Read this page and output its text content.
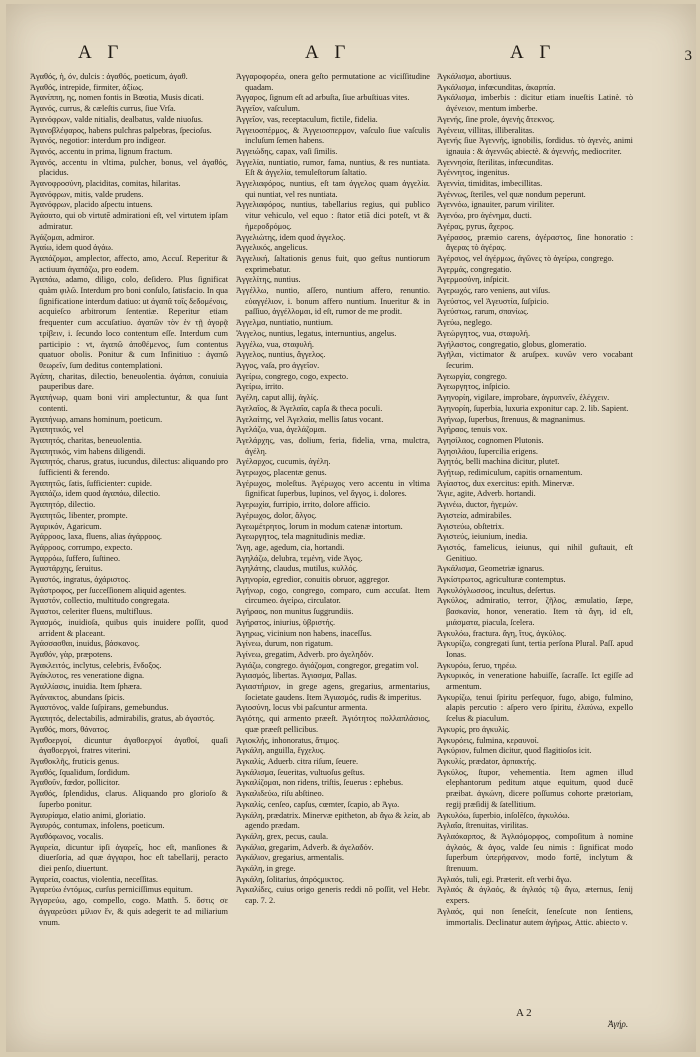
Α Γ	Α Γ	Α Γ	3

Ἀγαθός, ἡ, όν, dulcis : ἀγαθός, poeticum, ἀγαθ.

Ἀγαθός, intrepide, firmiter, ἀξίως.

Ἀγανίππη, ης, nomen fontis in Bœotia, Musis dicati.

Ἀγανός, currus, & cæleſtis currus, ſiue Vrſa.

Ἀγανόφρων, valde nitialis, dealbatus, valde niuoſus.

Ἀγανοβλέφαρος, habens pulchras palpebras, ſpecioſus.

Ἀγανός, negotior: interdum pro indigeor.

Ἀγανός, accentu in prima, lignum fractum.

Ἀγανός, accentu in vltima, pulcher, bonus, vel ἀγαθός, placidus.

Ἀγανοφροσύνη, placiditas, comitas, hilaritas.

Ἀγανόφρων, mitis, valde prudens.

Ἀγανόφρων, placido aſpectu intuens.

Ἀγάσατο, qui ob virtutē admirationi eſt, vel virtutem ipſam admiratur.

Ἀγάζομαι, admiror.

Ἀγαίω, idem quod ἀγάω.

Ἀγαπάζομαι, amplector, affecto, amo, Accuſ. Reperitur & actiuum ἀγαπάζω, pro eodem.

Ἀγαπάω, adamo, diligo, colo, deſidero. Plus ſignificat quàm φιλῶ. Interdum pro boni conſulo, ſatisfacio. In qua ſignificatione interdum datiuo: ut ἀγαπᾶ τοῖς δεδομένοις, acquieſco arbitrorum ſententiæ. Reperitur etiam frequenter cum accuſatiuo. ἀγαπῶν τὸν ἐν τῇ ἀγορᾷ τρίβειν, i. ſecundo loco contentum eſſe. Interdum cum participio : vt, ἀγαπῶ ἀποθέμενος, ſum contentus quatuor obolis. Ponitur & cum Infinitiuo : ἀγαπῶ θεωρεῖν, ſum deditus contemplationi.

Ἀγάπη, charitas, dilectio, beneuolentia. ἀγάπαι, conuiuia pauperibus dare.

Ἀγαπήνωρ, quam boni viri amplectuntur, & qua ſunt contenti.

Ἀγαπήνωρ, amans hominum, poeticum.

Ἀγαπητικός, vel

Ἀγαπητός, charitas, beneuolentia.

Ἀγαπητικός, vim habens diligendi.

Ἀγαπητός, charus, gratus, iucundus, dilectus: aliquando pro ſufficienti & ferendo.

Ἀγαπητῶς, ſatis, ſufficienter: cupide.

Ἀγαπάζω, idem quod ἀγαπάω, dilectio.

Ἀγαπητόρ, dilectio.

Ἀγαπητῶς, libenter, prompte.

Ἀγαρικόν, Agaricum.

Ἀγάρροος, laxa, fluens, alias ἀγάρροος.

Ἀγάρροος, corrumpo, expecto.

Ἀγαρρόω, ſuffero, ſuſtineo.

Ἀγαστάρχης, ſeruitus.

Ἀγαστός, ingratus, ἀχάριστος.

Ἀγάστροφος, per ſucceſſionem aliquid agentes.

Ἀγαστόν, collectio, multitudo congregata.

Ἀγαστοι, celeriter fluens, multifluus.

Ἀγασμός, inuidioſa, quibus quis inuidere poſſit, quod arrident & placeant.

Ἀγάσσασθαι, inuidus, βάσκανος.

Ἀγαθόν, γὰρ, præpotens.

Ἀγακλειτός, inclytus, celebris, ἔνδοξος.

Ἀγάκλυτος, res veneratione digna.

Ἀγαλλίασις, inuidia. Item ſphæra.

Ἀγάνακτος, abundans ſpicis.

Ἀγαστόνος, valde ſuſpirans, gemebundus.

Ἀγαπητός, delectabilis, admirabilis, gratus, ab ἀγαστός.

Ἀγαθός, mors, θάνατος.

Ἀγαθοεργοί, dicuntur ἀγαθοεργοί ἀγαθοί, quaſi ἀγαθοεργοὶ, fratres viterini.

Ἀγαθοκλῆς, fruticis genus.

Ἀγαθός, ſqualidum, ſordidum.

Ἀγαθοῦν, fœdor, pollicitor.

Ἀγαθός, ſplendidus, clarus. Aliquando pro glorioſo & ſuperbo ponitur.

Ἀγαυρίαμα, elatio animi, gloriatio.

Ἀγαυρός, contumax, infolens, poeticum.

Ἀγαθόφωνος, vocalis.

Ἀγαρεία, dicuntur ipſi ἀγαρεῖς, hoc eſt, manſiones & diuerſoria, ad quæ ἀγγαροι, hoc eſt tabellarij, peracto diei penſo, diuertunt.

Ἀγαρεία, coactus, violentia, neceſſitas.

Ἀγαρεύω ἐντόμως, curſus perniciſſimus equitum.

Ἀγγαρεύω, ago, compello, cogo. Matth. 5. ὅστις σε ἀγγαρεύσει μίλιον ἕν, & quis adegerit te ad miliarium vnum.

Ἀγγαροφορέω, onera geſto permutatione ac viciſſitudine quadam.

Ἀγγαρος, ſignum eſt ad arbuſta, ſiue arbuſtiuas vites.

Ἀγγεῖον, vaſculum.

Ἀγγεῖον, vas, receptaculum, fictile, fidelia.

Ἀγγειοσπέρμος, & Ἀγγειοσπερμον, vaſculo ſiue vaſculis incluſum ſemen habens.

Ἀγγειώδης, capax, vaſi ſimilis.

Ἀγγελία, nuntiatio, rumor, fama, nuntius, & res nuntiata. Eſt & ἀγγελία, temuleſtorum ſaltatio.

Ἀγγελιαφόρος, nuntius, eſt tam ἀγγελος quam ἀγγελία. qui nuntiat, vel res nuntiata.

Ἀγγελιαφόρος, nuntius, tabellarius regius, qui publico vitur vehiculo, vel equo : ſtator etiā dici poteſt, vt & ἡμεροδρόμος.

Ἀγγελιώτης, idem quod ἀγγελος.

Ἀγγελικός, angelicus.

Ἀγγελική, ſaltationis genus fuit, quo geſtus nuntiorum exprimebatur.

Ἀγγελίτης, nuntius.

Ἀγγέλλω, nuntio, aſſero, nuntium affero, renuntio. εὐαγγέλιον, i. bonum affero nuntium. Inueritur & in paſſiuo, ἀγγέλλομαι, id eſt, rumor de me prodit.

Ἀγγελμα, nuntiatio, nuntium.

Ἄγγελος, nuntius, legatus, internuntius, angelus.

Ἀγγέλω, vua, σταφυλή.

Ἀγγελος, nuntius, ἄγγελος.

Ἀγγος, vaſa, pro ἀγγεῖον.

Ἀγείρω, congrego, cogo, expecto.

Ἀγείρω, irrito.

Ἀγέλη, caput allij, ἀγλίς.

Ἀγελαῖος, & Ἀγελαῖα, capſa & theca poculi.

Ἀγελαίτης, vel Ἀγελαία, mellis ſatus vocant.

Ἀγελάζω, vua, ἀγελάζομαι.

Ἀγελάρχης, vas, dolium, feria, fidelia, vrna, mulctra, ἀγέλη.

Ἀγέλαρχος, cucumis, ἀγέλη.

Ἀγερωχος, placentæ genus.

Ἀγέρωχος, moleſtus. Ἀγέρωχος vero accentu in vltima ſignificat ſuperbus, lupinos, vel ἄγγος, i. dolores.

Ἀγερωχία, furripio, irrito, dolore afficio.

Ἀγέρωχος, dolor, ἄλγος.

Ἀγεωμέτρητος, lorum in modum catenæ intortum.

Ἀγεωργητος, tela magnitudinis mediæ.

Ἄγη, age, agedum, cia, hortandi.

Ἀγηλάζω, delubra, τεμένη, vide Ἀγος.

Ἀγηλάτης, claudus, mutilus, κυλλός.

Ἀγηνορία, egredior, conuitis obruor, aggregor.

Ἀγήνωρ, cogo, congrego, comparo, cum accuſat. Item circumeo. ἀγείρω, circulator.

Ἀγήραος, non munitus ſuggrundiis.

Ἀγήρατος, iniurius, ὑβριστής.

Ἀγηρως, vicinium non habens, inaceſſus.

Ἀγίνεω, durum, non rigatum.

Ἀγίνεω, gregatim, Adverb. pro ἀγεληδόν.

Ἀγιάζω, congrego. ἀγιάζομαι, congregor, gregatim vol.

Ἀγιασμός, libertas. Ἀγιασμα, Pallas.

Ἀγιαστήριον, in grege agens, gregarius, armentarius, ſocietate gaudens. Item Ἀγιασμός, rudis & imperitus.

Ἁγιοσύνη, locus vbi paſcuntur armenta.

Ἀγιότης, qui armento præeſt. Ἀγιότητος πολλαπλάσιος, quæ præeſt pellicibus.

Ἀγιοκλής, inhonoratus, ἄτιμος.

Ἀγκάλη, anguilla, ἔγχελυς.

Ἀγκαλίς, Aduerb. citra riſum, ſeuere.

Ἀγκάλισμα, ſeueritas, vultuoſus geſtus.

Ἀγκαλίζομαι, non ridens, triſtis, ſeuerus : ephebus.

Ἀγκαλιδεύω, riſu abſtineo.

Ἀγκαλίς, cenſeo, capſus, cœmter, ſcapio, ab Ἀγω.

Ἀγκάλη, prædatrix. Minervæ epitheton, ab ἄγω & λεία, ab agendo prædam.

Ἀγκάλη, grex, pecus, caula.

Ἀγκάλια, gregarim, Adverb. & ἀγελαδόν.

Ἀγκάλιον, gregarius, armentalis.

Ἀγκάλη, in grege.

Ἀγκάλη, ſolitarius, ἀπρόςμικτος.

Ἀγκαλίδες, cuius origo generis reddi nō poſſit, vel Hebr. cap. 7. 2.

Ἀγκάλισμα, abortiuus.

Ἀγκάλισμα, infœcunditas, ἀκαρπία.

Ἀγκάλισμα, imberbis : dicitur etiam inueſtis Latinè. τὸ ἀγένειον, mentum imberbe.

Ἀγενής, ſine prole, ἀγενὴς ἄτεκνος.

Ἀγένεια, villitas, illiberalitas.

Ἀγενής ſiue Ἀγεννής, ignobilis, ſordidus. τὸ ἀγενὲς, animi ignauia : & ἀγεννῶς abiectè. & ἀγεννής, mediocriter.

Ἀγεννησία, ſterilitas, infœcunditas.

Ἀγέννητος, ingenitus.

Ἀγεννία, timiditas, imbecillitas.

Ἀγέννως, ſteriles, vel quæ nondum peperunt.

Ἀγεννόω, ignauiter, parum viriliter.

Ἀγενόω, pro ἀγένημα, ducti.

Ἀγέρας, pyrus, ἄχερος.

Ἀγέρασος, præmio carens, ἀγέραστος, ſine honoratio : ἄγερας τὸ ἀγέρας.

Ἀγέρσιος, vel ἀγέρμως, ἀγῶνες τὸ ἀγείρω, congrego.

Ἀγερμάς, congregatio.

Ἀγερμοσύνη, inſpicit.

Ἀγερωχός, raro veniens, aut viſus.

Ἀγεύστος, vel Ἀγευστία, ſuſpicio.

Ἀγεύστως, rarum, σπανίως.

Ἀγεύω, neglego.

Ἀγεώργητος, vua, σταφυλή.

Ἀγήλαστος, congregatio, globus, glomeratio.

Ἀγῆλαι, victimator & aruſpex. κυνῶν vero vocabant ſecurim.

Ἀγεωργία, congrego.

Ἀγεωργητος, inſpicio.

Ἀγηνορίη, vigilare, improbare, ἀγρυπνεῖν, ἐλέγχειν.

Ἀγηνορίη, ſuperbia, luxuria exponitur cap. 2. lib. Sapient.

Ἀγήνωρ, ſuperbus, ſtrenuus, & magnanimus.

Ἀγήραος, tenuis vox.

Ἀγησίλαος, cognomen Plutonis.

Ἀγησιλάου, ſupercilia erigens.

Ἀγητός, belli machina dicitur, pluteī.

Ἀγήτωρ, redimiculum, capitis ornamentum.

Ἀγίαστος, dux exercitus: epith. Minervæ.

Ἄγιε, agite, Adverb. hortandi.

Ἀγινέω, ductor, ἡγεμών.

Ἀγιστεία, admirabiles.

Ἀγιστεύω, obſtetrix.

Ἀγιστεύς, ieiunium, inedia.

Ἀγιστός, famelicus, ieiunus, qui nihil guſtauit, eſt Genitiuo.

Ἀγκάλισμα, Geometriæ ignarus.

Ἀγκίστρωτος, agriculturæ contemptus.

Ἀγκυλόγλωσσος, incultus, deſertus.

Ἀγκύλος, admiratio, terror, ζῆλος, æmulatio, ſæpe, βασκανία, honor, veneratio. Item τὰ ἄγη, id eſt, μιάσματα, piacula, ſcelera.

Ἀγκυλόω, fractura. ἄγη, ἴτυς, ἀγκύλος.

Ἀγκυρίζω, congregati ſunt, tertia perſona Plural. Paſſ. apud Ionas.

Ἀγκυρόω, ſeruo, τηρέω.

Ἀγκυρικός, in veneratione habuiſſe, ſacraſſe. Ict egiſſe ad armentum.

Ἀγκυρίζω, tenui ſpiritu perſequor, fugo, abigo, fulmino, alapis percutio : aſpero vero ſpiritu, ἐλαύνω, expello ſcelus & piaculum.

Ἀγκυρίς, pro ἀγκυλίς.

Ἀγκυρόεις, fulmina, κεραυνοί.

Ἀγκύριον, fulmen dicitur, quod flagitioſos icit.

Ἀγκυλίς, prædator, ἁρπακτής.

Ἀγκύλος, ſtupor, vehementia. Item agmen illud elephantorum peditum atque equitum, quod ducē præibat. ἀγκώνη, dicere poſſumus cohorte prætoriam, regij præſidij & ſatellitium.

Ἀγκυλόω, ſuperbio, inſolēſco, ἀγκυλόω.

Ἀγλαΐα, ſtrenuitas, virilitas.

Ἀγλαόκαρπος, & Ἀγλαόμορφος, compoſitum à nomine ἀγλαός, & ἀγος, valde ſeu nimis : ſignificat modo ſuperbum ὑπερήφανον, modo fortē, inclytum & ſtrenuum.

Ἀγλαόs, tuli, egi. Præterit. eſt verbi ἄγω.

Ἀγλαός & ἀγλαός, & ἀγλαός τῷ ἄγω, æternus, ſenij expers.

Ἀγλαός, qui non ſeneſcit, ſeneſcute non ſentiens, immortalis. Declinatur autem ἀγήρως, Attic. abiecto ν.

A 2
Ἀγήρ.
